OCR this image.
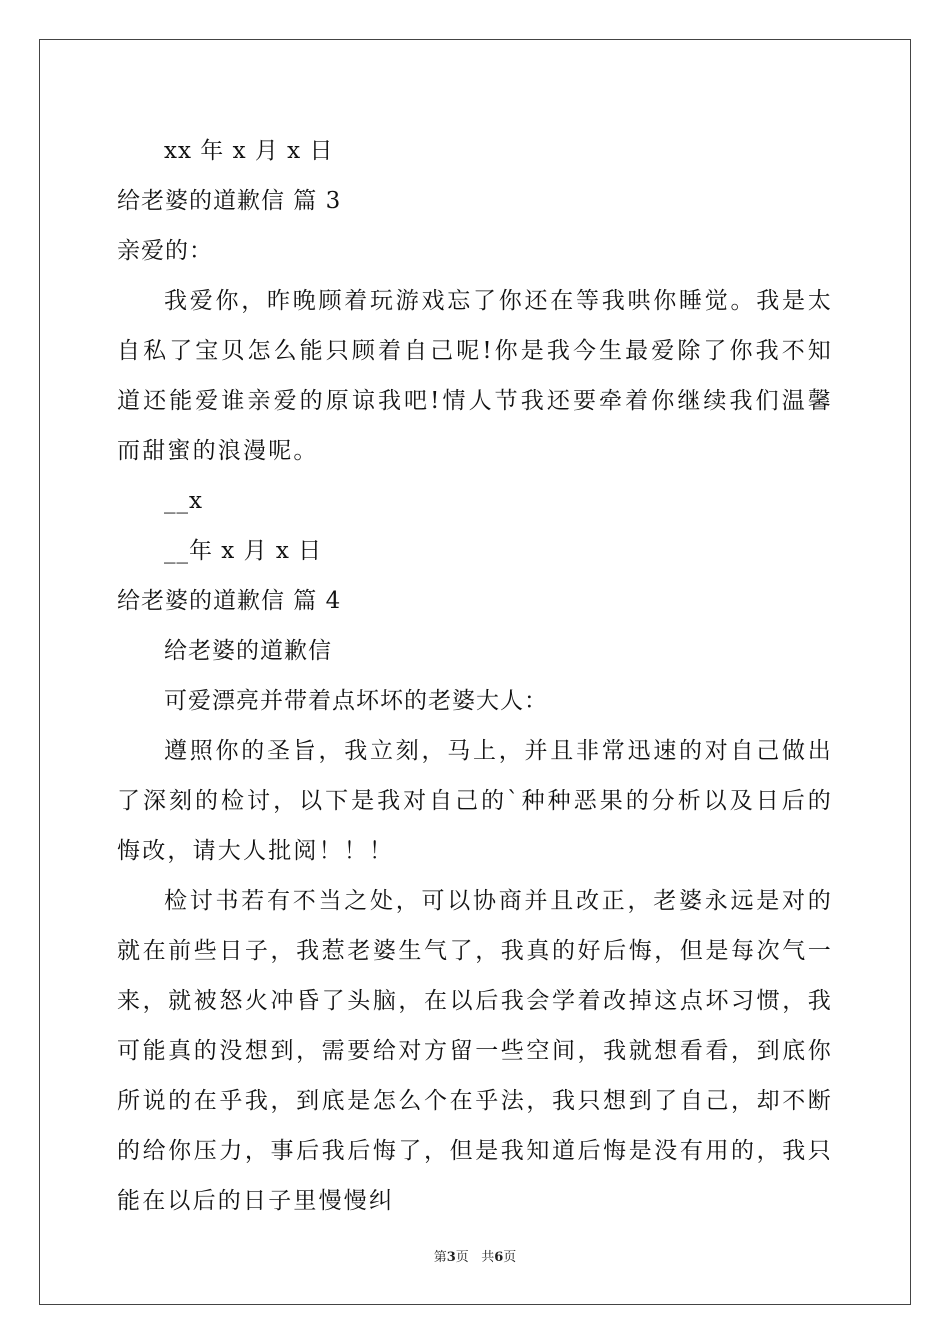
xx 年 x 月 x 日
给老婆的道歉信 篇 3
亲爱的：

我爱你，昨晚顾着玩游戏忘了你还在等我哄你睡觉。我是太自私了宝贝怎么能只顾着自己呢!你是我今生最爱除了你我不知道还能爱谁亲爱的原谅我吧!情人节我还要牵着你继续我们温馨而甜蜜的浪漫呢。

__x
__年 x 月 x 日
给老婆的道歉信 篇 4
给老婆的道歉信
可爱漂亮并带着点坏坏的老婆大人：

遵照你的圣旨，我立刻，马上，并且非常迅速的对自己做出了深刻的检讨，以下是我对自己的`种种恶果的分析以及日后的悔改，请大人批阅！！！

检讨书若有不当之处，可以协商并且改正，老婆永远是对的 就在前些日子，我惹老婆生气了，我真的好后悔，但是每次气一来，就被怒火冲昏了头脑，在以后我会学着改掉这点坏习惯，我可能真的没想到，需要给对方留一些空间，我就想看看，到底你所说的在乎我，到底是怎么个在乎法，我只想到了自己，却不断的给你压力，事后我后悔了，但是我知道后悔是没有用的，我只能在以后的日子里慢慢纠

第3页 共6页
